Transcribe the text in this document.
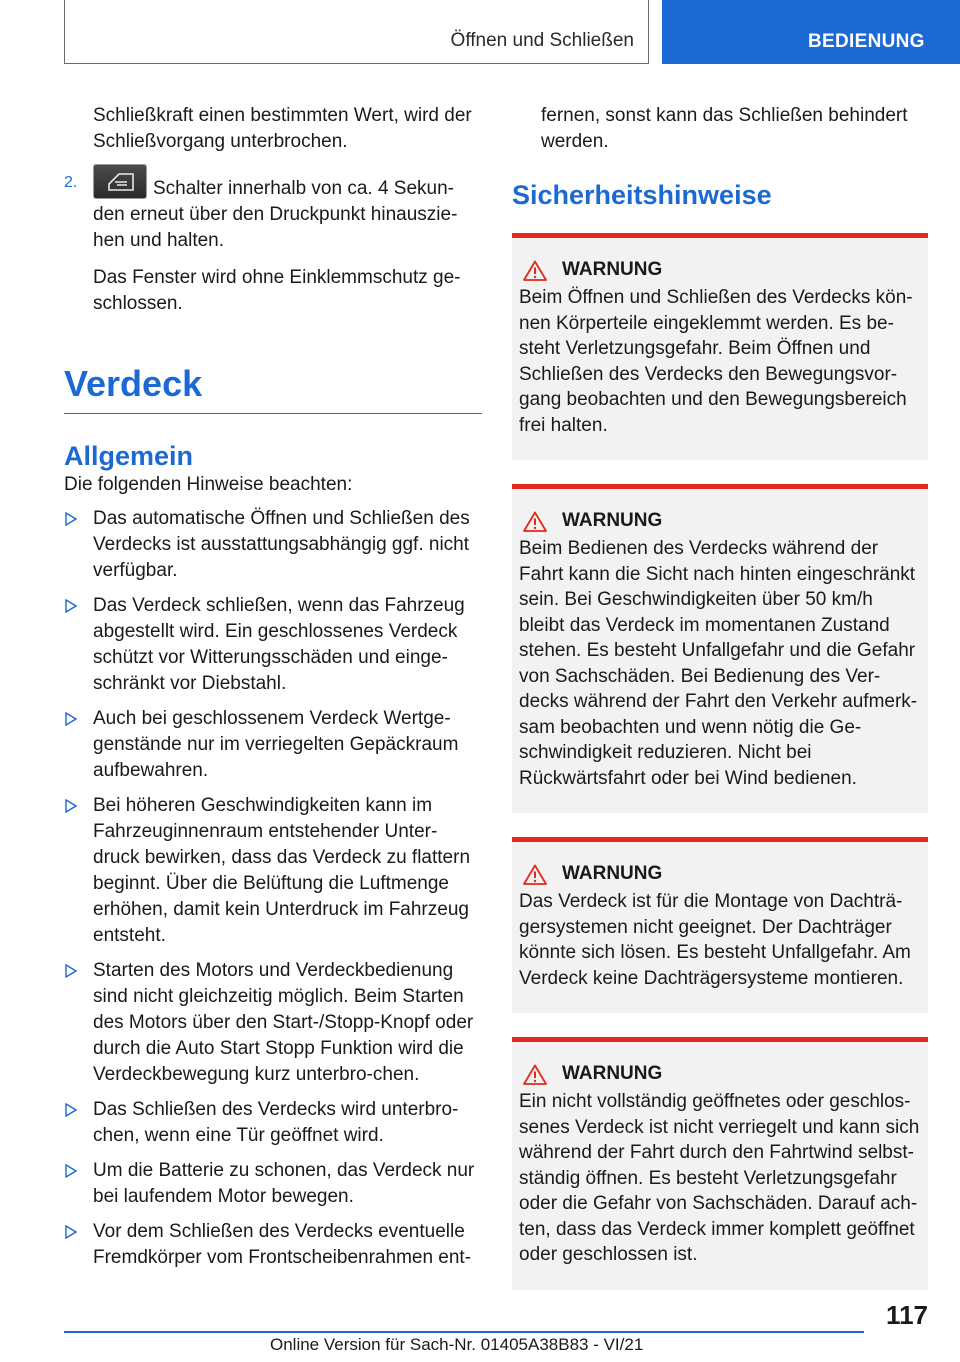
Öffnen und Schließen	BEDIENUNG

Schließkraft einen bestimmten Wert, wird der Schließvorgang unterbrochen.

2.	Schalter innerhalb von ca. 4 Sekun-den erneut über den Druckpunkt hinauszie-hen und halten.

Das Fenster wird ohne Einklemmschutz ge-schlossen.

Verdeck
Allgemein

Die folgenden Hinweise beachten:

Das automatische Öffnen und Schließen des Verdecks ist ausstattungsabhängig ggf. nicht verfügbar.
Das Verdeck schließen, wenn das Fahrzeug abgestellt wird. Ein geschlossenes Verdeck schützt vor Witterungsschäden und einge-schränkt vor Diebstahl.
Auch bei geschlossenem Verdeck Wertge-genstände nur im verriegelten Gepäckraum aufbewahren.
Bei höheren Geschwindigkeiten kann im Fahrzeuginnenraum entstehender Unter-druck bewirken, dass das Verdeck zu flattern beginnt. Über die Belüftung die Luftmenge erhöhen, damit kein Unterdruck im Fahrzeug entsteht.
Starten des Motors und Verdeckbedienung sind nicht gleichzeitig möglich. Beim Starten des Motors über den Start-/Stopp-Knopf oder durch die Auto Start Stopp Funktion wird die Verdeckbewegung kurz unterbro-chen.
Das Schließen des Verdecks wird unterbro-chen, wenn eine Tür geöffnet wird.
Um die Batterie zu schonen, das Verdeck nur bei laufendem Motor bewegen.
Vor dem Schließen des Verdecks eventuelle Fremdkörper vom Frontscheibenrahmen ent-

fernen, sonst kann das Schließen behindert werden.

Sicherheitshinweise
WARNUNG

Beim Öffnen und Schließen des Verdecks kön-nen Körperteile eingeklemmt werden. Es be-steht Verletzungsgefahr. Beim Öffnen und Schließen des Verdecks den Bewegungsvor-gang beobachten und den Bewegungsbereich frei halten.

WARNUNG

Beim Bedienen des Verdecks während der Fahrt kann die Sicht nach hinten eingeschränkt sein. Bei Geschwindigkeiten über 50 km/h bleibt das Verdeck im momentanen Zustand stehen. Es besteht Unfallgefahr und die Gefahr von Sachschäden. Bei Bedienung des Ver-decks während der Fahrt den Verkehr aufmerk-sam beobachten und wenn nötig die Ge-schwindigkeit reduzieren. Nicht bei Rückwärtsfahrt oder bei Wind bedienen.

WARNUNG

Das Verdeck ist für die Montage von Dachträ-gersystemen nicht geeignet. Der Dachträger könnte sich lösen. Es besteht Unfallgefahr. Am Verdeck keine Dachträgersysteme montieren.

WARNUNG

Ein nicht vollständig geöffnetes oder geschlos-senes Verdeck ist nicht verriegelt und kann sich während der Fahrt durch den Fahrtwind selbst-ständig öffnen. Es besteht Verletzungsgefahr oder die Gefahr von Sachschäden. Darauf ach-ten, dass das Verdeck immer komplett geöffnet oder geschlossen ist.

117
Online Version für Sach-Nr. 01405A38B83 - VI/21
